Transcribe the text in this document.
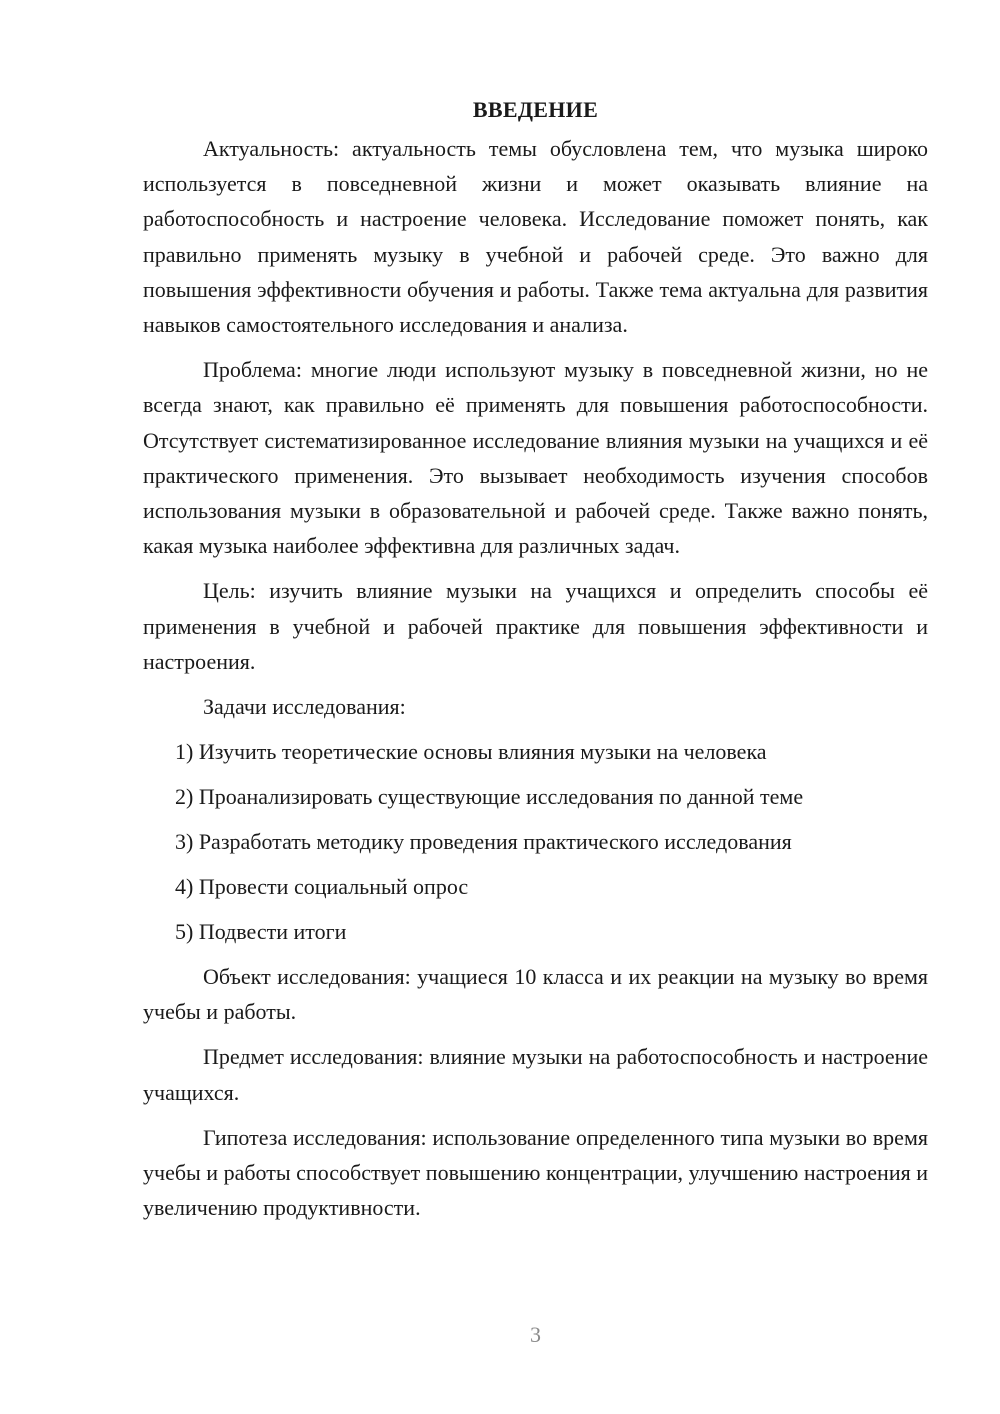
ВВЕДЕНИЕ

Актуальность: актуальность темы обусловлена тем, что музыка широко используется в повседневной жизни и может оказывать влияние на работоспособность и настроение человека. Исследование поможет понять, как правильно применять музыку в учебной и рабочей среде. Это важно для повышения эффективности обучения и работы. Также тема актуальна для развития навыков самостоятельного исследования и анализа.

Проблема: многие люди используют музыку в повседневной жизни, но не всегда знают, как правильно её применять для повышения работоспособности. Отсутствует систематизированное исследование влияния музыки на учащихся и её практического применения. Это вызывает необходимость изучения способов использования музыки в образовательной и рабочей среде. Также важно понять, какая музыка наиболее эффективна для различных задач.

Цель: изучить влияние музыки на учащихся и определить способы её применения в учебной и рабочей практике для повышения эффективности и настроения.

Задачи исследования:

1) Изучить теоретические основы влияния музыки на человека
2) Проанализировать существующие исследования по данной теме
3) Разработать методику проведения практического исследования
4) Провести социальный опрос
5) Подвести итоги

Объект исследования: учащиеся 10 класса и их реакции на музыку во время учебы и работы.

Предмет исследования: влияние музыки на работоспособность и настроение учащихся.

Гипотеза исследования: использование определенного типа музыки во время учебы и работы способствует повышению концентрации, улучшению настроения и увеличению продуктивности.

3
